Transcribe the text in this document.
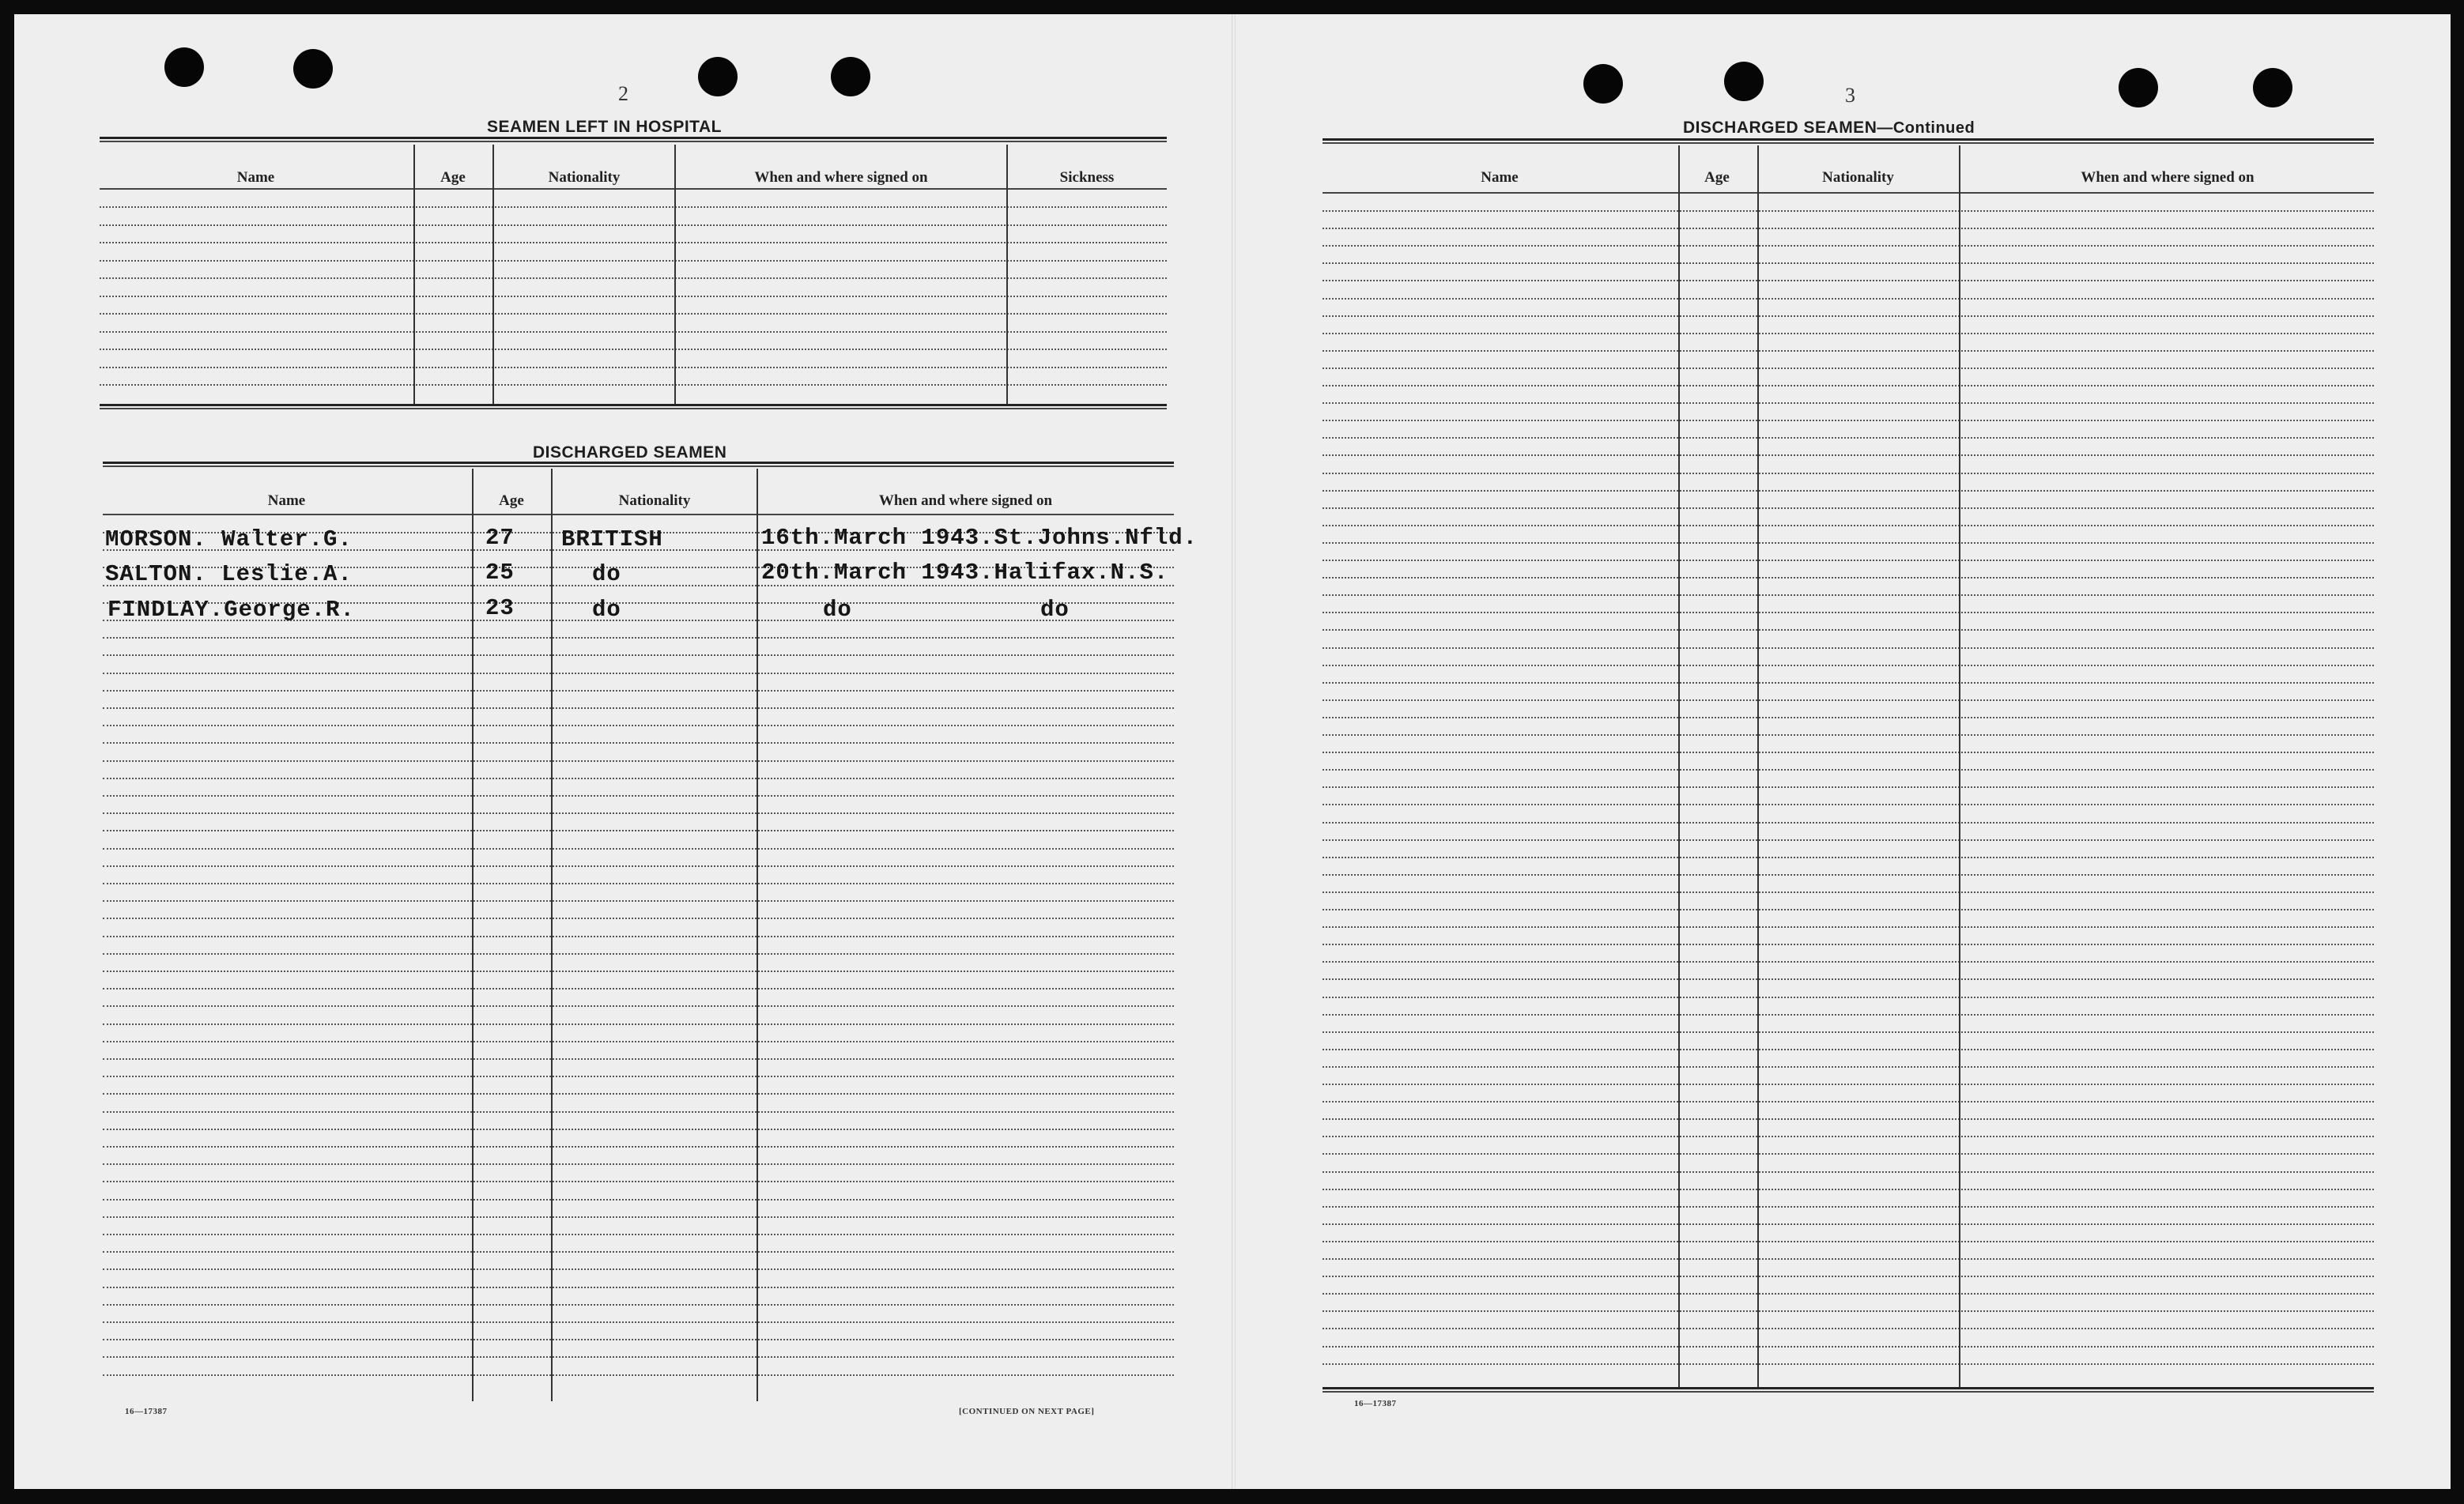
2
SEAMEN LEFT IN HOSPITAL
Name	Age	Nationality	When and where signed on	Sickness
DISCHARGED SEAMEN
Name	Age	Nationality	When and where signed on
MORSON. Walter.G.	27 BRITISH	16th.March 1943.St.Johns.Nfld.
SALTON. Leslie.A.	25	do	20th.March 1943.Halifax.N.S.
FINDLAY.George.R.	23	do	do	do
16—17387	[CONTINUED ON NEXT PAGE]
3
DISCHARGED SEAMEN—Continued
Name	Age	Nationality	When and where signed on
16—17387
